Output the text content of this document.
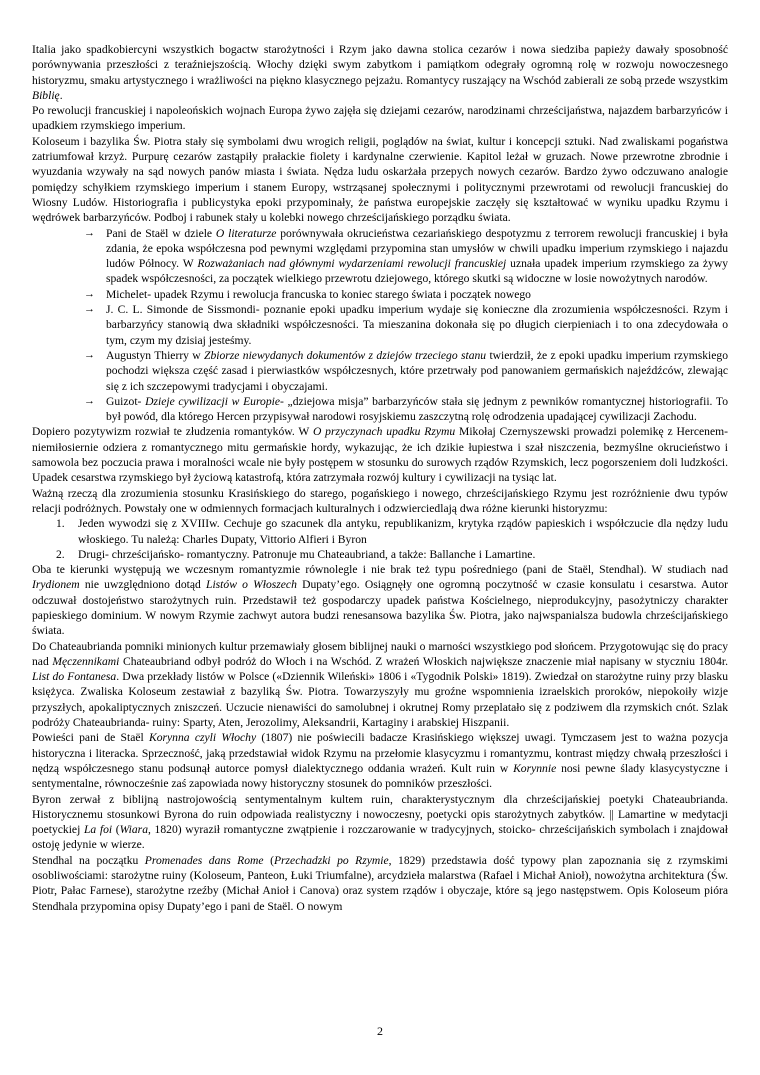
Italia jako spadkobiercyni wszystkich bogactw starożytności i Rzym jako dawna stolica cezarów i nowa siedziba papieży dawały sposobność porównywania przeszłości z teraźniejszością. Włochy dzięki swym zabytkom i pamiątkom odegrały ogromną rolę w rozwoju nowoczesnego historyzmu, smaku artystycznego i wrażliwości na piękno klasycznego pejzażu. Romantycy ruszający na Wschód zabierali ze sobą przede wszystkim Biblię.

Po rewolucji francuskiej i napoleońskich wojnach Europa żywo zajęła się dziejami cezarów, narodzinami chrześcijaństwa, najazdem barbarzyńców i upadkiem rzymskiego imperium.

Koloseum i bazylika Św. Piotra stały się symbolami dwu wrogich religii, poglądów na świat, kultur i koncepcji sztuki. Nad zwaliskami pogaństwa zatriumfował krzyż. Purpurę cezarów zastąpiły prałackie fiolety i kardynalne czerwienie. Kapitol leżał w gruzach. Nowe przewrotne zbrodnie i wyuzdania wzywały na sąd nowych panów miasta i świata. Nędza ludu oskarżała przepych nowych cezarów. Bardzo żywo odczuwano analogie pomiędzy schyłkiem rzymskiego imperium i stanem Europy, wstrząsanej społecznymi i politycznymi przewrotami od rewolucji francuskiej do Wiosny Ludów. Historiografia i publicystyka epoki przypominały, że państwa europejskie zaczęły się kształtować w wyniku upadku Rzymu i wędrówek barbarzyńców. Podboj i rabunek stały u kolebki nowego chrześcijańskiego porządku świata.

→ Pani de Staël w dziele O literaturze porównywała okrucieństwa cezariańskiego despotyzmu z terrorem rewolucji francuskiej i była zdania, że epoka współczesna pod pewnymi względami przypomina stan umysłów w chwili upadku imperium rzymskiego i najazdu ludów Północy. W Rozważaniach nad głównymi wydarzeniami rewolucji francuskiej uznała upadek imperium rzymskiego za żywy spadek współczesności, za początek wielkiego przewrotu dziejowego, którego skutki są widoczne w losie nowożytnych narodów.
→ Michelet- upadek Rzymu i rewolucja francuska to koniec starego świata i początek nowego
→ J. C. L. Simonde de Sissmondi- poznanie epoki upadku imperium wydaje się konieczne dla zrozumienia współczesności. Rzym i barbarzyńcy stanowią dwa składniki współczesności. Ta mieszanina dokonała się po długich cierpieniach i to ona zdecydowała o tym, czym my dzisiaj jesteśmy.
→ Augustyn Thierry w Zbiorze niewydanych dokumentów z dziejów trzeciego stanu twierdził, że z epoki upadku imperium rzymskiego pochodzi większa część zasad i pierwiastków współczesnych, które przetrwały pod panowaniem germańskich najeźdźców, zlewając się z ich szczepowymi tradycjami i obyczajami.
→ Guizot- Dzieje cywilizacji w Europie- „dziejowa misja” barbarzyńców stała się jednym z pewników romantycznej historiografii. To był powód, dla którego Hercen przypisywał narodowi rosyjskiemu zaszczytną rolę odrodzenia upadającej cywilizacji Zachodu.

Dopiero pozytywizm rozwiał te złudzenia romantyków. W O przyczynach upadku Rzymu Mikołaj Czernyszewski prowadzi polemikę z Hercenem- niemiłosiernie odziera z romantycznego mitu germańskie hordy, wykazując, że ich dzikie łupiestwa i szał niszczenia, bezmyślne okrucieństwo i samowola bez poczucia prawa i moralności wcale nie były postępem w stosunku do surowych rządów Rzymskich, lecz pogorszeniem doli ludzkości. Upadek cesarstwa rzymskiego był życiową katastrofą, która zatrzymała rozwój kultury i cywilizacji na tysiąc lat.

Ważną rzeczą dla zrozumienia stosunku Krasińskiego do starego, pogańskiego i nowego, chrześcijańskiego Rzymu jest rozróżnienie dwu typów relacji podróżnych. Powstały one w odmiennych formacjach kulturalnych i odzwierciedlają dwa różne kierunki historyzmu:

1.	Jeden wywodzi się z XVIIIw. Cechuje go szacunek dla antyku, republikanizm, krytyka rządów papieskich i współczucie dla nędzy ludu włoskiego. Tu należą: Charles Dupaty, Vittorio Alfieri i Byron
2.	Drugi- chrześcijańsko- romantyczny. Patronuje mu Chateaubriand, a także: Ballanche i Lamartine.

Oba te kierunki występują we wczesnym romantyzmie równolegle i nie brak też typu pośredniego (pani de Staël, Stendhal). W studiach nad Irydionem nie uwzględniono dotąd Listów o Włoszech Dupaty’ego. Osiągnęły one ogromną poczytność w czasie konsulatu i cesarstwa. Autor odczuwał dostojeństwo starożytnych ruin. Przedstawił też gospodarczy upadek państwa Kościelnego, nieprodukcyjny, pasożytniczy charakter papieskiego dominium. W nowym Rzymie zachwyt autora budzi renesansowa bazylika Św. Piotra, jako najwspanialsza budowla chrześcijańskiego świata.

Do Chateaubrianda pomniki minionych kultur przemawiały głosem biblijnej nauki o marności wszystkiego pod słońcem. Przygotowując się do pracy nad Męczennikami Chateaubriand odbył podróż do Włoch i na Wschód. Z wrażeń Włoskich największe znaczenie miał napisany w styczniu 1804r. List do Fontanesa. Dwa przekłady listów w Polsce («Dziennik Wileński» 1806 i «Tygodnik Polski» 1819). Zwiedzał on starożytne ruiny przy blasku księżyca. Zwaliska Koloseum zestawiał z bazyliką Św. Piotra. Towarzyszyły mu groźne wspomnienia izraelskich proroków, niepokoiły wizje przyszłych, apokaliptycznych zniszczeń. Uczucie nienawiści do samolubnej i okrutnej Romy przeplatało się z podziwem dla rzymskich cnót. Szlak podróży Chateaubrianda- ruiny: Sparty, Aten, Jerozolimy, Aleksandrii, Kartaginy i arabskiej Hiszpanii.

Powieści pani de Staël Korynna czyli Włochy (1807) nie poświecili badacze Krasińskiego większej uwagi. Tymczasem jest to ważna pozycja historyczna i literacka. Sprzeczność, jaką przedstawiał widok Rzymu na przełomie klasycyzmu i romantyzmu, kontrast między chwałą przeszłości i nędzą współczesnego stanu podsunął autorce pomysł dialektycznego oddania wrażeń. Kult ruin w Korynnie nosi pewne ślady klasycystyczne i sentymentalne, równocześnie zaś zapowiada nowy historyczny stosunek do pomników przeszłości.

Byron zerwał z biblijną nastrojowością sentymentalnym kultem ruin, charakterystycznym dla chrześcijańskiej poetyki Chateaubrianda. Historycznemu stosunkowi Byrona do ruin odpowiada realistyczny i nowoczesny, poetycki opis starożytnych zabytków. || Lamartine w medytacji poetyckiej La foi (Wiara, 1820) wyraził romantyczne zwątpienie i rozczarowanie w tradycyjnych, stoicko- chrześcijańskich symbolach i znajdował ostoję jedynie w wierze.

Stendhal na początku Promenades dans Rome (Przechadzki po Rzymie, 1829) przedstawia dość typowy plan zapoznania się z rzymskimi osobliwościami: starożytne ruiny (Koloseum, Panteon, Łuki Triumfalne), arcydzieła malarstwa (Rafael i Michał Anioł), nowożytna architektura (Św. Piotr, Pałac Farnese), starożytne rzeźby (Michał Anioł i Canova) oraz system rządów i obyczaje, które są jego następstwem. Opis Koloseum pióra Stendhala przypomina opisy Dupaty’ego i pani de Staël. O nowym

2
